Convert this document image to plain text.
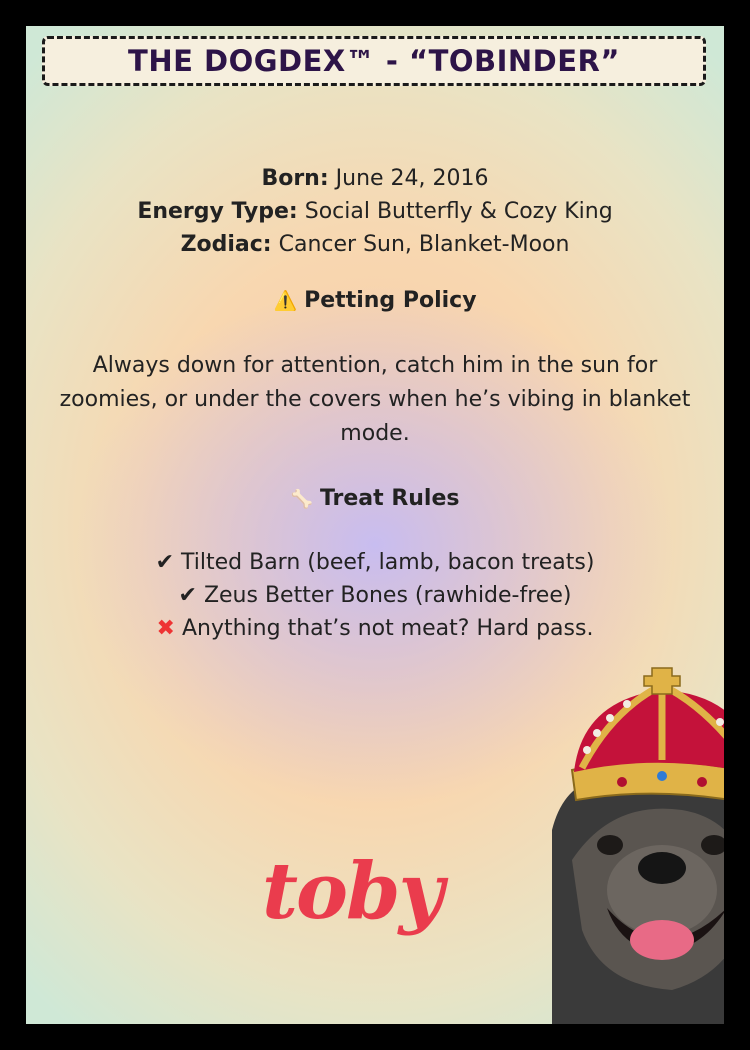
THE DOGDEX™ - “TOBINDER”
Born: June 24, 2016
Energy Type: Social Butterfly & Cozy King
Zodiac: Cancer Sun, Blanket-Moon
⚠️ Petting Policy
Always down for attention, catch him in the sun for zoomies, or under the covers when he’s vibing in blanket mode.
🦴 Treat Rules
✔ Tilted Barn (beef, lamb, bacon treats)
✔ Zeus Better Bones (rawhide-free)
✖ Anything that’s not meat? Hard pass.
toby
